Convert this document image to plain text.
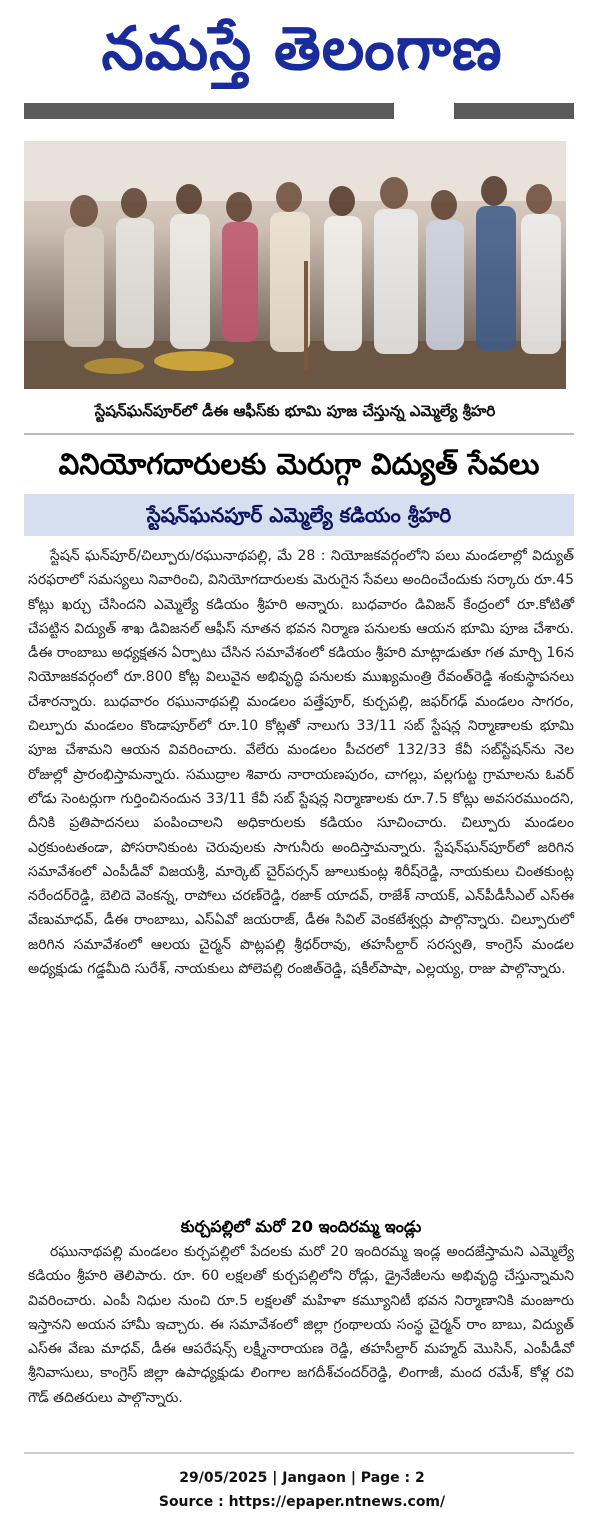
నమస్తే తెలంగాణ
స్టేషన్‌ఘన్‌పూర్‌లో డీఈ ఆఫీస్‌కు భూమి పూజ చేస్తున్న ఎమ్మెల్యే శ్రీహరి
వినియోగదారులకు మెరుగ్గా విద్యుత్ సేవలు
స్టేషన్‌ఘనపూర్ ఎమ్మెల్యే కడియం శ్రీహరి

స్టేషన్ ఘన్‌పూర్/చిల్పూరు/రఘునాథపల్లి, మే 28 : నియోజకవర్గంలోని పలు మండలాల్లో విద్యుత్ సరఫరాలో సమస్యలు నివారించి, వినియోగదారులకు మెరుగైన సేవలు అందించేందుకు సర్కారు రూ.45 కోట్లు ఖర్చు చేసిందని ఎమ్మెల్యే కడియం శ్రీహరి అన్నారు. బుధవారం డివిజన్ కేంద్రంలో రూ.కోటితో చేపట్టిన విద్యుత్ శాఖ డివిజనల్ ఆఫీస్ నూతన భవన నిర్మాణ పనులకు ఆయన భూమి పూజ చేశారు. డీఈ రాంబాబు అధ్యక్షతన ఏర్పాటు చేసిన సమావేశంలో కడియం శ్రీహరి మాట్లాడుతూ గత మార్చి 16న నియోజకవర్గంలో రూ.800 కోట్ల విలువైన అభివృద్ధి పనులకు ముఖ్యమంత్రి రేవంత్‌రెడ్డి శంకుస్థాపనలు చేశారన్నారు. బుధవారం రఘునాథపల్లి మండలం పత్తేపూర్, కుర్చపల్లి, జఫర్‌గఢ్ మండలం సాగరం, చిల్పూరు మండలం కొండాపూర్‌లో రూ.10 కోట్లతో నాలుగు 33/11 సబ్ స్టేషన్ల నిర్మాణాలకు భూమి పూజ చేశామని ఆయన వివరించారు. వేలేరు మండలం పీచరలో 132/33 కేవీ సబ్‌స్టేషన్‌ను నెల రోజుల్లో ప్రారంభిస్తామన్నారు. సముద్రాల శివారు నారాయణపురం, చాగల్లు, పల్లగుట్ట గ్రామాలను ఓవర్ లోడు సెంటర్లుగా గుర్తించినందున 33/11 కేవీ సబ్ స్టేషన్ల నిర్మాణాలకు రూ.7.5 కోట్లు అవసరముందని, దీనికి ప్రతిపాదనలు పంపించాలని అధికారులకు కడియం సూచించారు. చిల్పూరు మండలం ఎర్రకుంటతండా, పోసరానికుంట చెరువులకు సాగునీరు అందిస్తామన్నారు. స్టేషన్‌ఘన్‌పూర్‌లో జరిగిన సమావేశంలో ఎంపీడీవో విజయశ్రీ, మార్కెట్ చైర్‌పర్సన్ జూలుకుంట్ల శిరీష్‌రెడ్డి, నాయకులు చింతకుంట్ల నరేందర్‌రెడ్డి, బెలిదె వెంకన్న, రాపోలు చరణ్‌రెడ్డి, రజాక్ యాదవ్, రాజేశ్ నాయక్, ఎన్‌పీడీసీఎల్ ఎస్ఈ వేణుమాధవ్, డీఈ రాంబాబు, ఎస్ఏవో జయరాజ్, డీఈ సివిల్ వెంకటేశ్వర్లు పాల్గొన్నారు. చిల్పూరులో జరిగిన సమావేశంలో ఆలయ చైర్మన్ పొట్లపల్లి శ్రీధర్‌రావు, తహసీల్దార్ సరస్వతి, కాంగ్రెస్ మండల అధ్యక్షుడు గడ్డమీది సురేశ్, నాయకులు పోలెపల్లి రంజిత్‌రెడ్డి, షకీల్‌పాషా, ఎల్లయ్య, రాజు పాల్గొన్నారు.

కుర్చపల్లిలో మరో 20 ఇందిరమ్మ ఇండ్లు

రఘునాథపల్లి మండలం కుర్చపల్లిలో పేదలకు మరో 20 ఇందిరమ్మ ఇండ్ల అందజేస్తామని ఎమ్మెల్యే కడియం శ్రీహరి తెలిపారు. రూ. 60 లక్షలతో కుర్చపల్లిలోని రోడ్లు, డ్రైనేజీలను అభివృద్ధి చేస్తున్నామని వివరించారు. ఎంపీ నిధుల నుంచి రూ.5 లక్షలతో మహిళా కమ్యూనిటీ భవన నిర్మాణానికి మంజూరు ఇస్తానని అయన హామీ ఇచ్చారు. ఈ సమావేశంలో జిల్లా గ్రంథాలయ సంస్థ చైర్మన్ రాం బాబు, విద్యుత్ ఎస్ఈ వేణు మాధవ్, డీఈ ఆపరేషన్స్ లక్ష్మీనారాయణ రెడ్డి, తహసీల్దార్ మహ్మద్ మొసిన్, ఎంపీడీవో శ్రీనివాసులు, కాంగ్రెస్ జిల్లా ఉపాధ్యక్షుడు లింగాల జగదీశ్‌చందర్‌రెడ్డి, లింగాజీ, మంద రమేశ్, కోళ్ల రవి గౌడ్ తదితరులు పాల్గొన్నారు.

29/05/2025 | Jangaon | Page : 2
Source : https://epaper.ntnews.com/
